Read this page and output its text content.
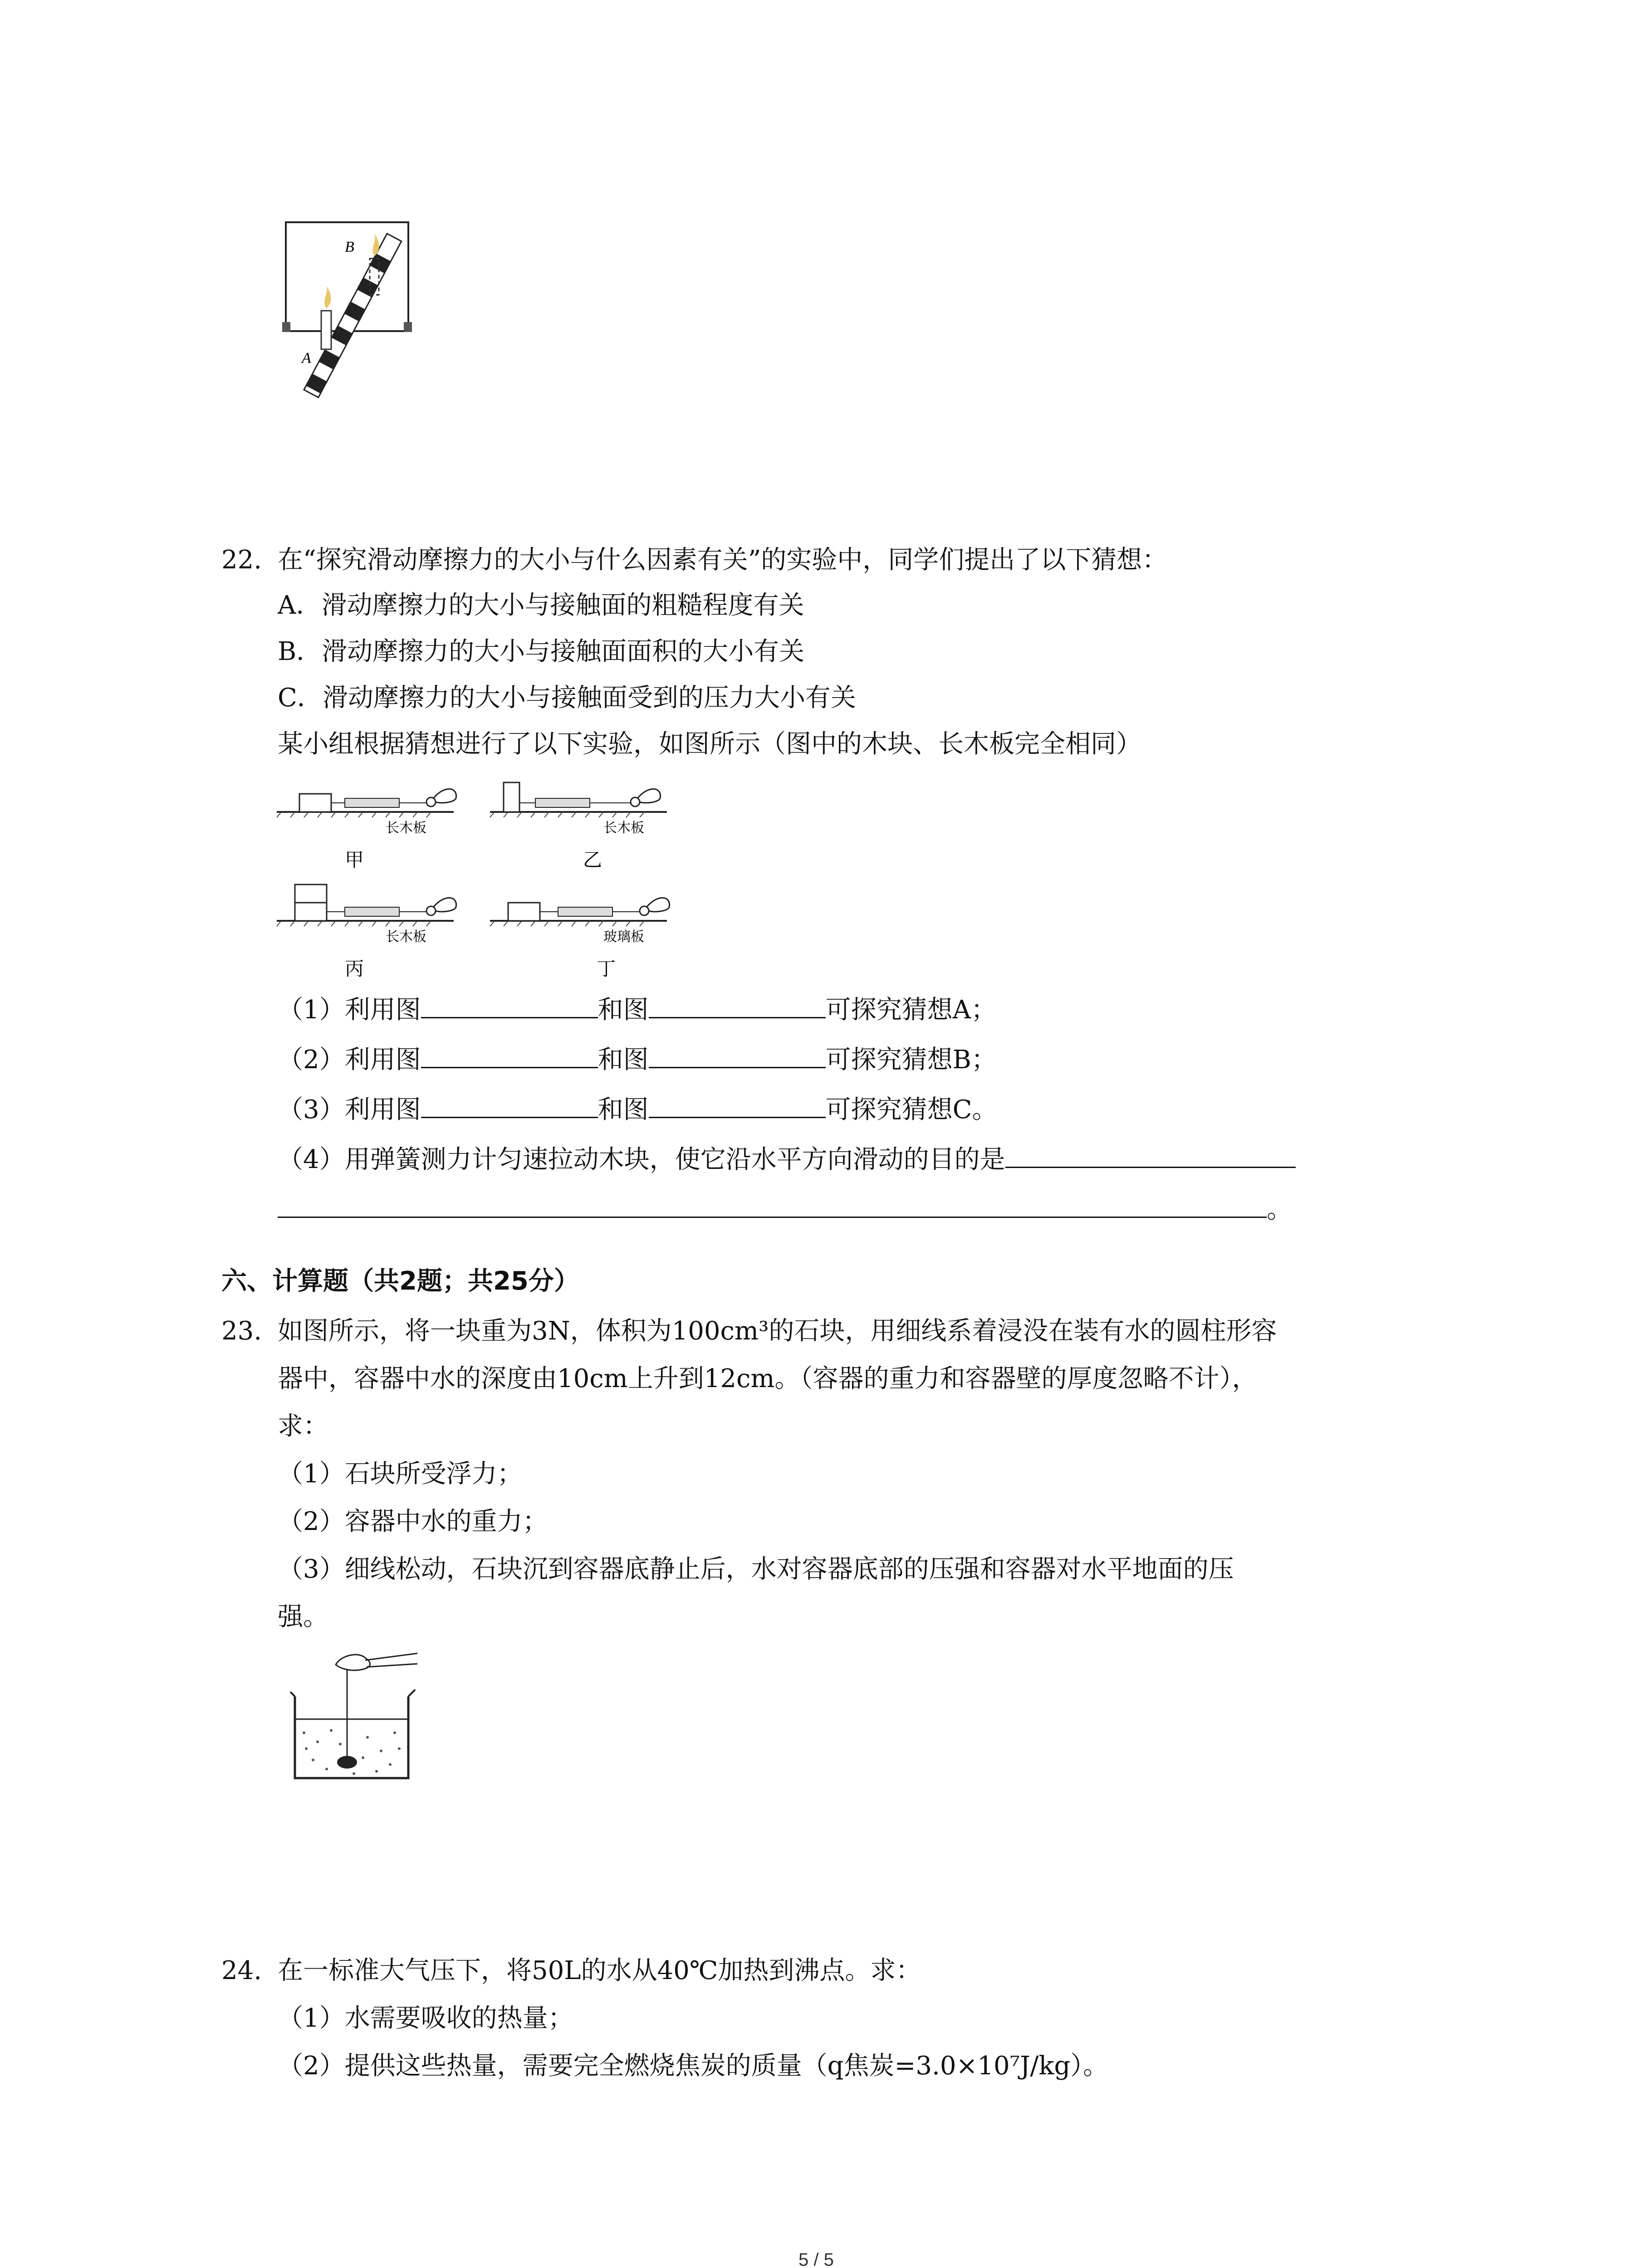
B
A
22. 在“探究滑动摩擦力的大小与什么因素有关”的实验中，同学们提出了以下猜想：
A．滑动摩擦力的大小与接触面的粗糙程度有关
B．滑动摩擦力的大小与接触面面积的大小有关
C．滑动摩擦力的大小与接触面受到的压力大小有关
某小组根据猜想进行了以下实验，如图所示（图中的木块、长木板完全相同）
长木板	长木板
长木板	玻璃板
甲	乙
丙	丁
（1）利用图	和图	可探究猜想A；
（2）利用图	和图	可探究猜想B；
（3）利用图	和图	可探究猜想C。
（4）用弹簧测力计匀速拉动木块，使它沿水平方向滑动的目的是
。
六、计算题（共2题；共25分）
23. 如图所示，将一块重为3N，体积为100cm³的石块，用细线系着浸没在装有水的圆柱形容
器中，容器中水的深度由10cm上升到12cm。（容器的重力和容器壁的厚度忽略不计），
求：
（1）石块所受浮力；
（2）容器中水的重力；
（3）细线松动，石块沉到容器底静止后，水对容器底部的压强和容器对水平地面的压
强。
24. 在一标准大气压下，将50L的水从40℃加热到沸点。求：
（1）水需要吸收的热量；
（2）提供这些热量，需要完全燃烧焦炭的质量（q焦炭=3.0×10⁷J/kg）。
5 / 5
